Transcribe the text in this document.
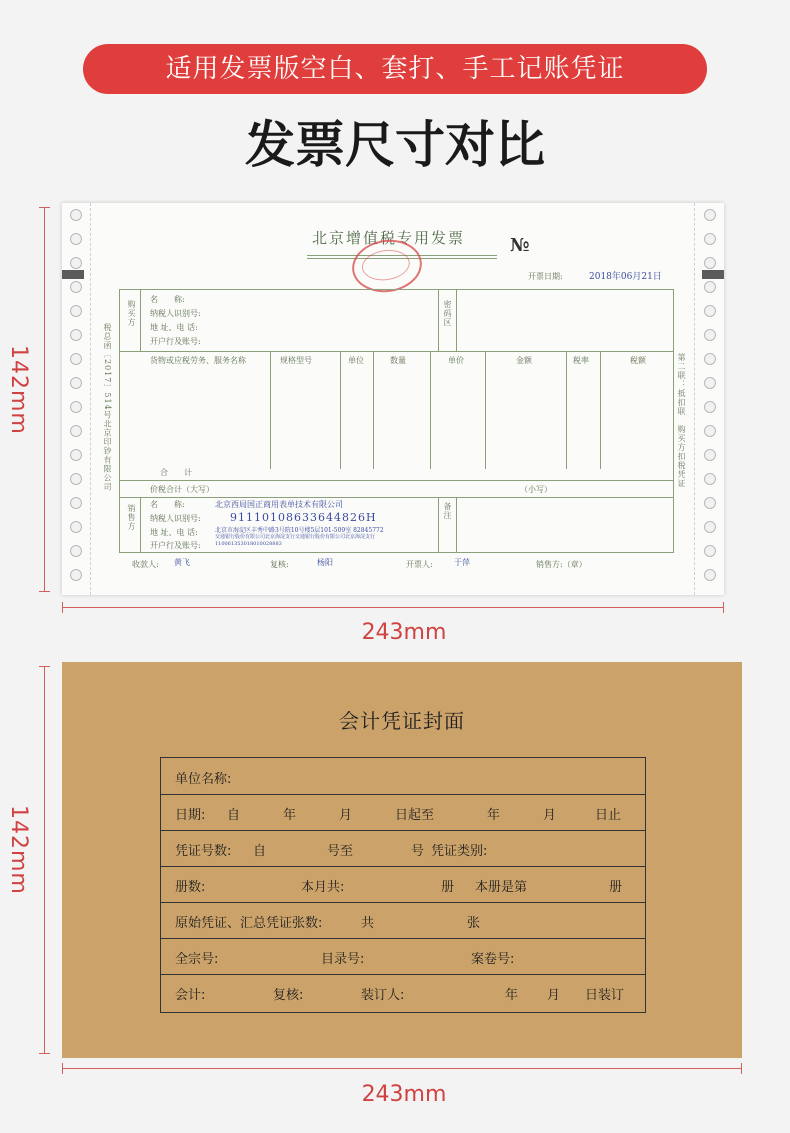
适用发票版空白、套打、手工记账凭证
发票尺寸对比
142mm
243mm
税总函〔2017〕514号北京印钞有限公司	第二联：抵扣联　购买方扣税凭证
北京增值税专用发票 №
开票日期:	2018年06月21日
购买方
名　　称:
纳税人识别号:
地 址、电 话:
开户行及账号:
密码区
货物或应税劳务、服务名称	规格型号	单位	数量	单价	金额	税率	税额
合　　计
价税合计（大写）	（小写）
销售方 名　　称:	北京西局国正商用表单技术有限公司
纳税人识别号:	91110108633644826H
地 址、电 话:	北京市海淀区丰秀中路3号院10号楼5层101-509室 82845772
开户行及账号:
交通银行股份有限公司北京海淀支行交通银行股份有限公司北京海淀支行 110061353018010028883
备注
收款人: 黄飞	复核:	杨阳	开票人:	于萍	销售方:（章）
142mm
243mm
会计凭证封面
单位名称:
日期: 自	年	月	日起至	年	月	日止
凭证号数: 自	号至	号 凭证类别:
册数:	本月共:	册 本册是第	册
原始凭证、汇总凭证张数:	共	张
全宗号:	目录号:	案卷号:
会计:	复核:	装订人:	年 月 日装订
